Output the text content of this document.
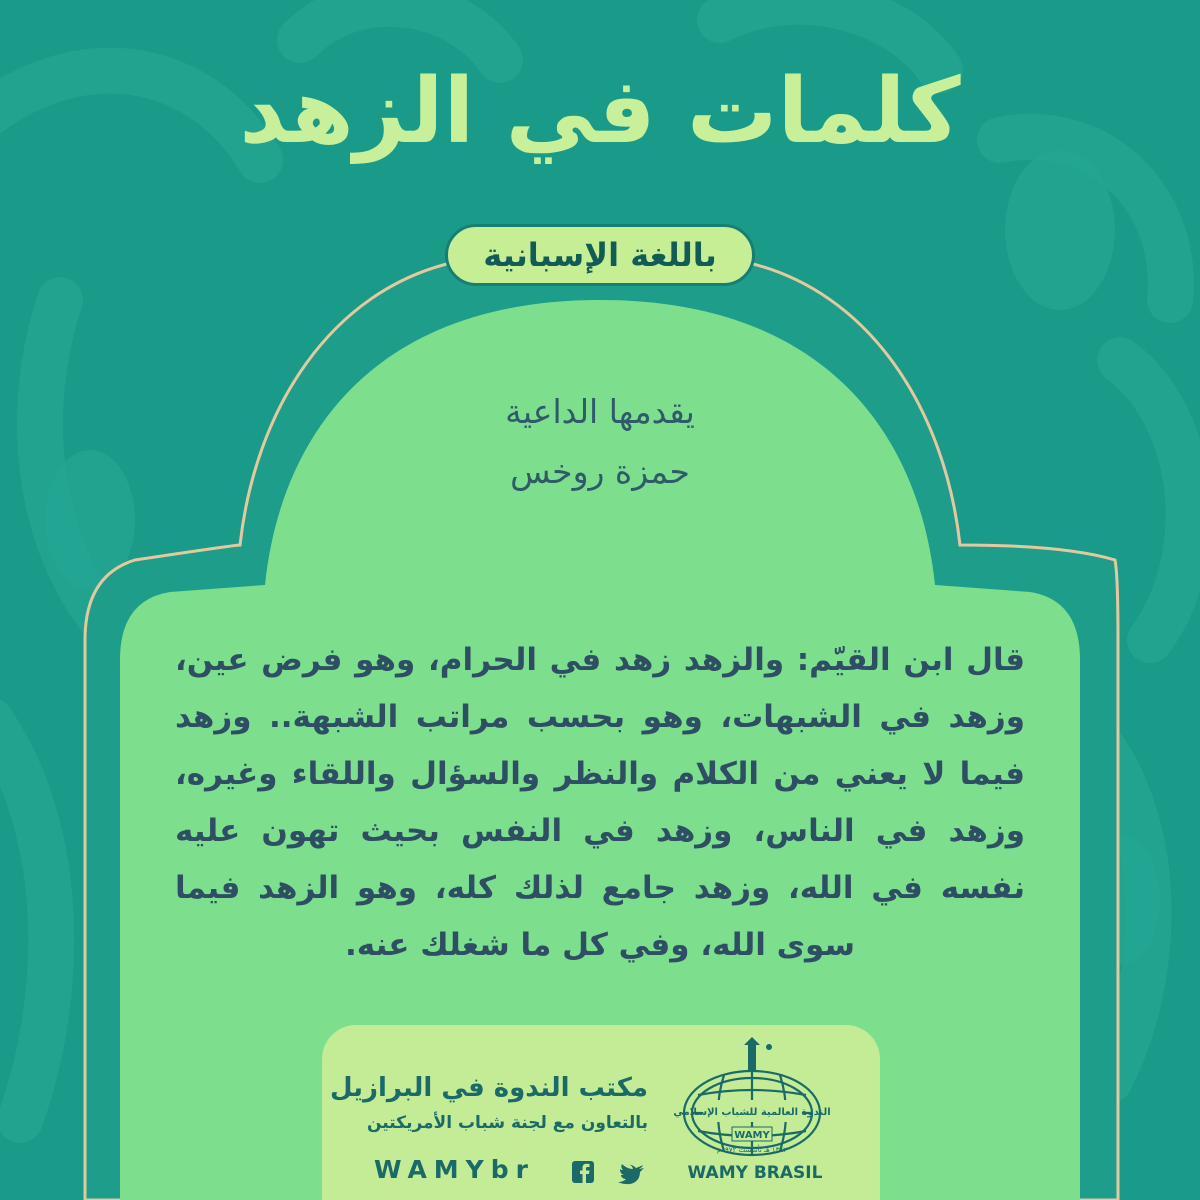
كلمات في الزهد
باللغة الإسبانية
يقدمها الداعية
حمزة روخس
قال ابن القيّم: والزهد زهد في الحرام، وهو فرض عين، وزهد في الشبهات، وهو بحسب مراتب الشبهة.. وزهد فيما لا يعني من الكلام والنظر والسؤال واللقاء وغيره، وزهد في الناس، وزهد في النفس بحيث تهون عليه نفسه في الله، وزهد جامع لذلك كله، وهو الزهد فيما سوى الله، وفي كل ما شغلك عنه.
مكتب الندوة في البرازيل
بالتعاون مع لجنة شباب الأمريكتين
WAMYbr
الندوة العالمية للشباب الإسلامي
WAMY
١٣٩٢ هـ تأسست ١٩٧٢م
WAMY BRASIL
